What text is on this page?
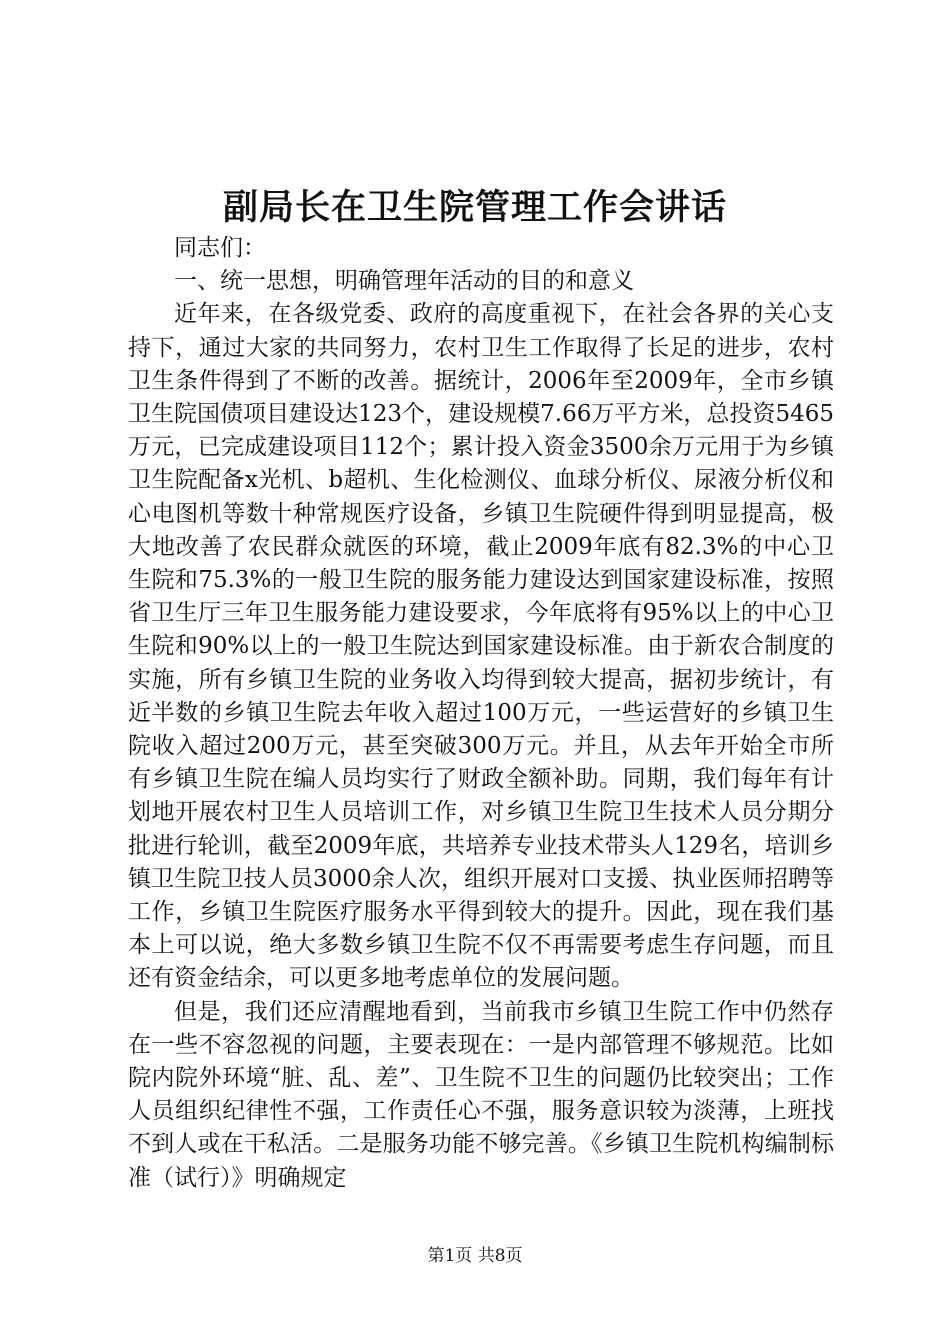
副局长在卫生院管理工作会讲话

同志们：

一、统一思想，明确管理年活动的目的和意义

近年来，在各级党委、政府的高度重视下，在社会各界的关心支持下，通过大家的共同努力，农村卫生工作取得了长足的进步，农村卫生条件得到了不断的改善。据统计，2006年至2009年，全市乡镇卫生院国债项目建设达123个，建设规模7.66万平方米，总投资5465万元，已完成建设项目112个；累计投入资金3500余万元用于为乡镇卫生院配备x光机、b超机、生化检测仪、血球分析仪、尿液分析仪和心电图机等数十种常规医疗设备，乡镇卫生院硬件得到明显提高，极大地改善了农民群众就医的环境，截止2009年底有82.3%的中心卫生院和75.3%的一般卫生院的服务能力建设达到国家建设标准，按照省卫生厅三年卫生服务能力建设要求，今年底将有95%以上的中心卫生院和90%以上的一般卫生院达到国家建设标准。由于新农合制度的实施，所有乡镇卫生院的业务收入均得到较大提高，据初步统计，有近半数的乡镇卫生院去年收入超过100万元，一些运营好的乡镇卫生院收入超过200万元，甚至突破300万元。并且，从去年开始全市所有乡镇卫生院在编人员均实行了财政全额补助。同期，我们每年有计划地开展农村卫生人员培训工作，对乡镇卫生院卫生技术人员分期分批进行轮训，截至2009年底，共培养专业技术带头人129名，培训乡镇卫生院卫技人员3000余人次，组织开展对口支援、执业医师招聘等工作，乡镇卫生院医疗服务水平得到较大的提升。因此，现在我们基本上可以说，绝大多数乡镇卫生院不仅不再需要考虑生存问题，而且还有资金结余，可以更多地考虑单位的发展问题。

但是，我们还应清醒地看到，当前我市乡镇卫生院工作中仍然存在一些不容忽视的问题，主要表现在：一是内部管理不够规范。比如院内院外环境“脏、乱、差”、卫生院不卫生的问题仍比较突出；工作人员组织纪律性不强，工作责任心不强，服务意识较为淡薄，上班找不到人或在干私活。二是服务功能不够完善。《乡镇卫生院机构编制标准（试行）》明确规定

第1页 共8页
